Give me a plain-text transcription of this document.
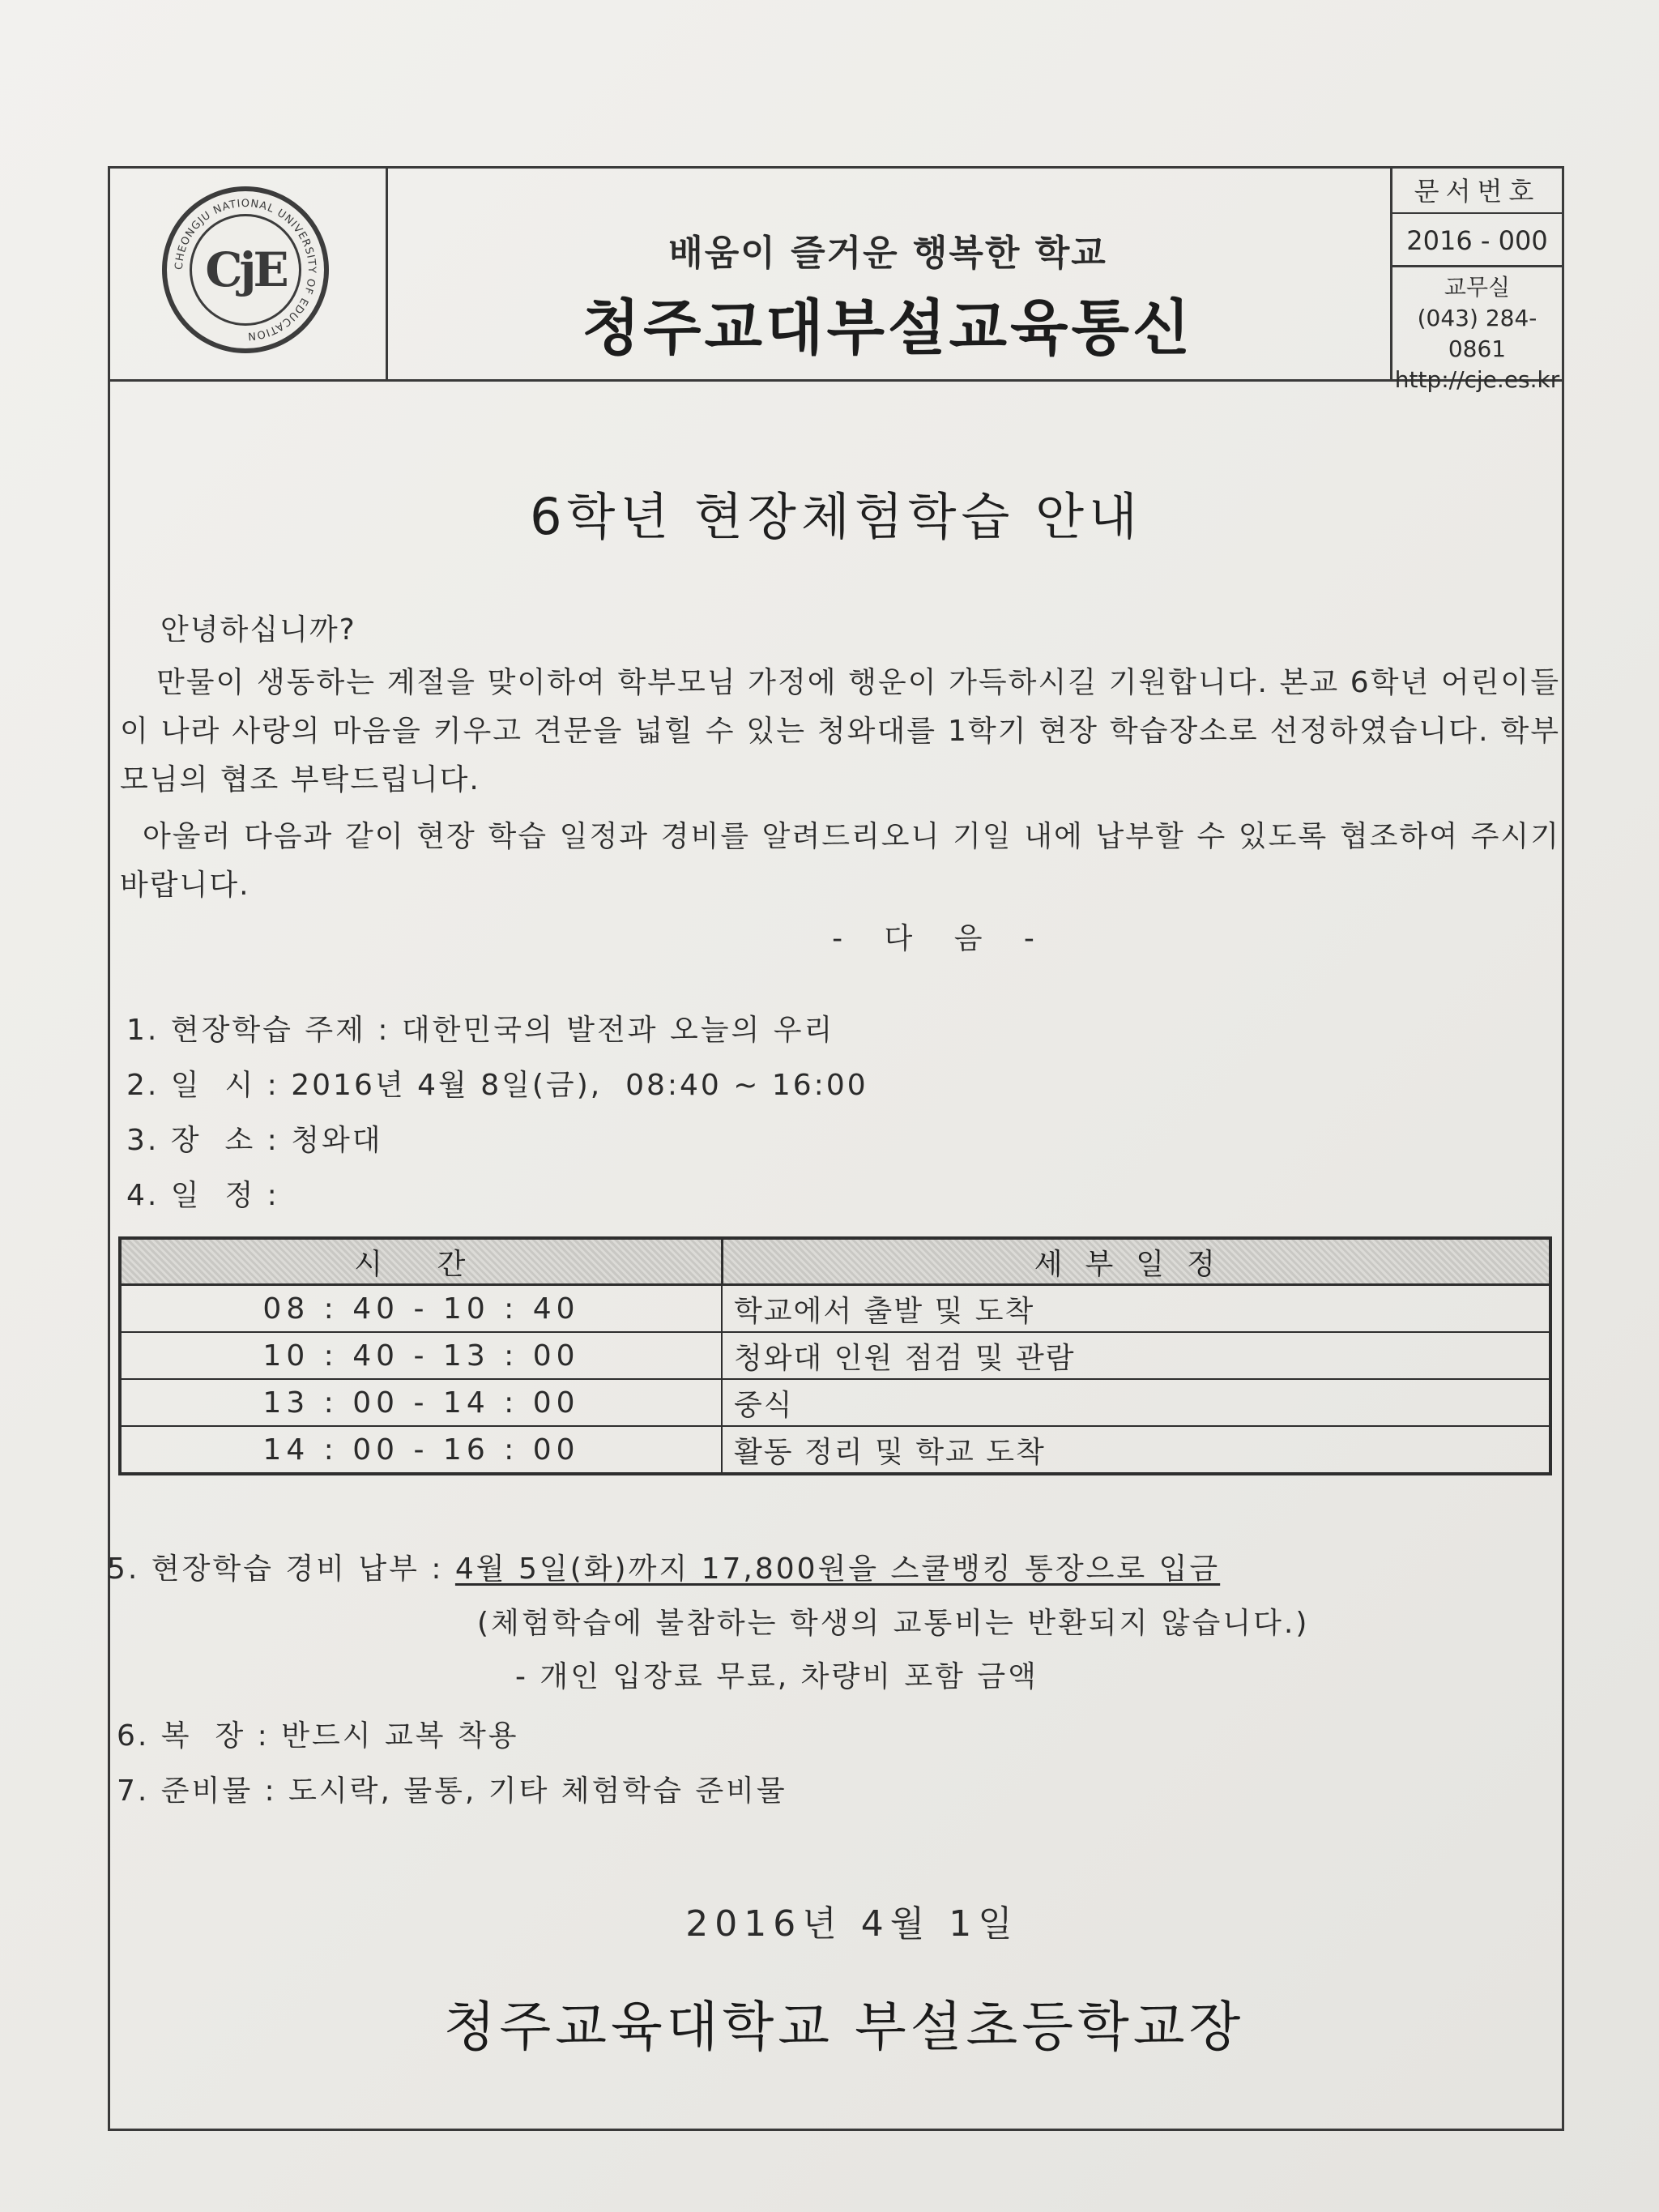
CHEONGJU NATIONAL UNIVERSITY OF EDUCATION
CjE	배움이 즐거운 행복한 학교
청주교대부설교육통신
문서번호
2016 - 000
교무실
(043) 284-0861
http://cje.es.kr
6학년 현장체험학습 안내
안녕하십니까?
만물이 생동하는 계절을 맞이하여 학부모님 가정에 행운이 가득하시길 기원합니다. 본교 6학년 어린이들이 나라 사랑의 마음을 키우고 견문을 넓힐 수 있는 청와대를 1학기 현장 학습장소로 선정하였습니다. 학부모님의 협조 부탁드립니다.
아울러 다음과 같이 현장 학습 일정과 경비를 알려드리오니 기일 내에 납부할 수 있도록 협조하여 주시기 바랍니다.
- 다 음 -
1. 현장학습 주제 : 대한민국의 발전과 오늘의 우리
2. 일  시 : 2016년 4월 8일(금),  08:40 ~ 16:00
3. 장  소 : 청와대
4. 일  정 :
시 간	세부일정
08 : 40 - 10 : 40	학교에서 출발 및 도착
10 : 40 - 13 : 00	청와대 인원 점검 및 관람
13 : 00 - 14 : 00	중식
14 : 00 - 16 : 00	활동 정리 및 학교 도착
5. 현장학습 경비 납부 : 4월 5일(화)까지 17,800원을 스쿨뱅킹 통장으로 입금
(체험학습에 불참하는 학생의 교통비는 반환되지 않습니다.)
- 개인 입장료 무료, 차량비 포함 금액
6. 복  장 : 반드시 교복 착용
7. 준비물 : 도시락, 물통, 기타 체험학습 준비물
2016년 4월 1일
청주교육대학교 부설초등학교장
